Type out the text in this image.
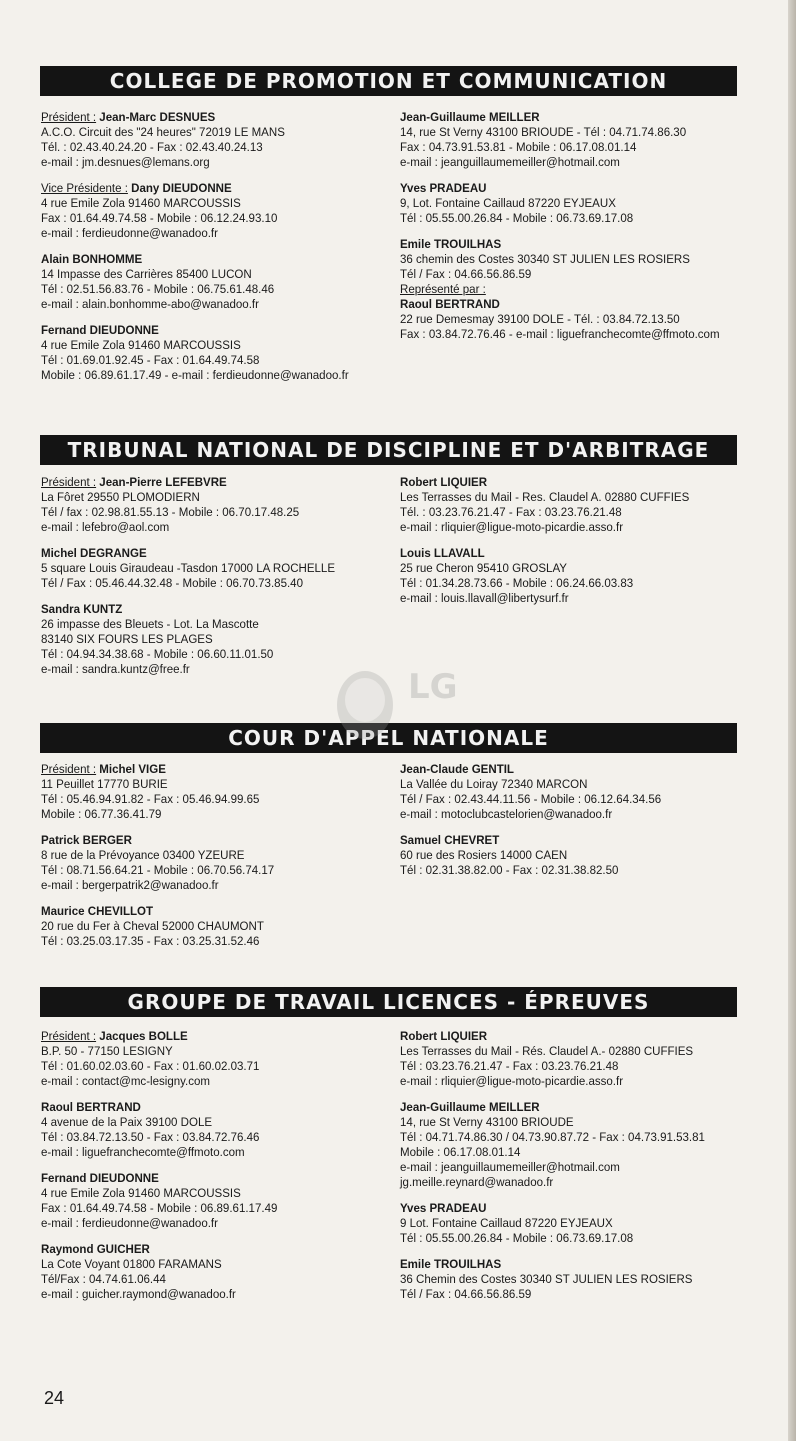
COLLEGE DE PROMOTION ET COMMUNICATION
Président : Jean-Marc DESNUES
A.C.O. Circuit des "24 heures" 72019 LE MANS
Tél. : 02.43.40.24.20 - Fax : 02.43.40.24.13
e-mail : jm.desnues@lemans.org
Vice Présidente : Dany DIEUDONNE
4 rue Emile Zola 91460 MARCOUSSIS
Fax : 01.64.49.74.58 - Mobile : 06.12.24.93.10
e-mail : ferdieudonne@wanadoo.fr
Alain BONHOMME
14 Impasse des Carrières 85400 LUCON
Tél : 02.51.56.83.76 - Mobile : 06.75.61.48.46
e-mail : alain.bonhomme-abo@wanadoo.fr
Fernand DIEUDONNE
4 rue Emile Zola 91460 MARCOUSSIS
Tél : 01.69.01.92.45 - Fax : 01.64.49.74.58
Mobile : 06.89.61.17.49 - e-mail : ferdieudonne@wanadoo.fr
Jean-Guillaume MEILLER
14, rue St Verny 43100 BRIOUDE - Tél : 04.71.74.86.30
Fax : 04.73.91.53.81 - Mobile : 06.17.08.01.14
e-mail : jeanguillaumemeiller@hotmail.com
Yves PRADEAU
9, Lot. Fontaine Caillaud 87220 EYJEAUX
Tél : 05.55.00.26.84 - Mobile : 06.73.69.17.08
Emile TROUILHAS
36 chemin des Costes 30340 ST JULIEN LES ROSIERS
Tél / Fax : 04.66.56.86.59
Représenté par :
Raoul BERTRAND
22 rue Demesmay 39100 DOLE - Tél. : 03.84.72.13.50
Fax : 03.84.72.76.46 - e-mail : liguefranchecomte@ffmoto.com
TRIBUNAL NATIONAL DE DISCIPLINE ET D'ARBITRAGE
Président : Jean-Pierre LEFEBVRE
La Fôret 29550 PLOMODIERN
Tél / fax : 02.98.81.55.13 - Mobile : 06.70.17.48.25
e-mail : lefebro@aol.com
Michel DEGRANGE
5 square Louis Giraudeau -Tasdon 17000 LA ROCHELLE
Tél / Fax : 05.46.44.32.48 - Mobile : 06.70.73.85.40
Sandra KUNTZ
26 impasse des Bleuets - Lot. La Mascotte
83140 SIX FOURS LES PLAGES
Tél : 04.94.34.38.68 - Mobile : 06.60.11.01.50
e-mail : sandra.kuntz@free.fr
Robert LIQUIER
Les Terrasses du Mail - Res. Claudel A. 02880 CUFFIES
Tél. : 03.23.76.21.47 - Fax : 03.23.76.21.48
e-mail : rliquier@ligue-moto-picardie.asso.fr
Louis LLAVALL
25 rue Cheron 95410 GROSLAY
Tél : 01.34.28.73.66 - Mobile : 06.24.66.03.83
e-mail : louis.llavall@libertysurf.fr
COUR D'APPEL NATIONALE
Président : Michel VIGE
11 Peuillet 17770 BURIE
Tél : 05.46.94.91.82 - Fax : 05.46.94.99.65
Mobile : 06.77.36.41.79
Patrick BERGER
8 rue de la Prévoyance 03400 YZEURE
Tél : 08.71.56.64.21 - Mobile : 06.70.56.74.17
e-mail : bergerpatrik2@wanadoo.fr
Maurice CHEVILLOT
20 rue du Fer à Cheval 52000 CHAUMONT
Tél : 03.25.03.17.35 - Fax : 03.25.31.52.46
Jean-Claude GENTIL
La Vallée du Loiray 72340 MARCON
Tél / Fax : 02.43.44.11.56 - Mobile : 06.12.64.34.56
e-mail : motoclubcastelorien@wanadoo.fr
Samuel CHEVRET
60 rue des Rosiers 14000 CAEN
Tél : 02.31.38.82.00 - Fax : 02.31.38.82.50
GROUPE DE TRAVAIL LICENCES - ÉPREUVES
Président : Jacques BOLLE
B.P. 50 - 77150 LESIGNY
Tél : 01.60.02.03.60 - Fax : 01.60.02.03.71
e-mail : contact@mc-lesigny.com
Raoul BERTRAND
4 avenue de la Paix 39100 DOLE
Tél : 03.84.72.13.50 - Fax : 03.84.72.76.46
e-mail : liguefranchecomte@ffmoto.com
Fernand DIEUDONNE
4 rue Emile Zola 91460 MARCOUSSIS
Fax : 01.64.49.74.58 - Mobile : 06.89.61.17.49
e-mail : ferdieudonne@wanadoo.fr
Raymond GUICHER
La Cote Voyant 01800 FARAMANS
Tél/Fax : 04.74.61.06.44
e-mail : guicher.raymond@wanadoo.fr
Robert LIQUIER
Les Terrasses du Mail - Rés. Claudel A.- 02880 CUFFIES
Tél : 03.23.76.21.47 - Fax : 03.23.76.21.48
e-mail : rliquier@ligue-moto-picardie.asso.fr
Jean-Guillaume MEILLER
14, rue St Verny 43100 BRIOUDE
Tél : 04.71.74.86.30 / 04.73.90.87.72 - Fax : 04.73.91.53.81
Mobile : 06.17.08.01.14
e-mail : jeanguillaumemeiller@hotmail.com
jg.meille.reynard@wanadoo.fr
Yves PRADEAU
9 Lot. Fontaine Caillaud 87220 EYJEAUX
Tél : 05.55.00.26.84 - Mobile : 06.73.69.17.08
Emile TROUILHAS
36 Chemin des Costes 30340 ST JULIEN LES ROSIERS
Tél / Fax : 04.66.56.86.59
24
LG
